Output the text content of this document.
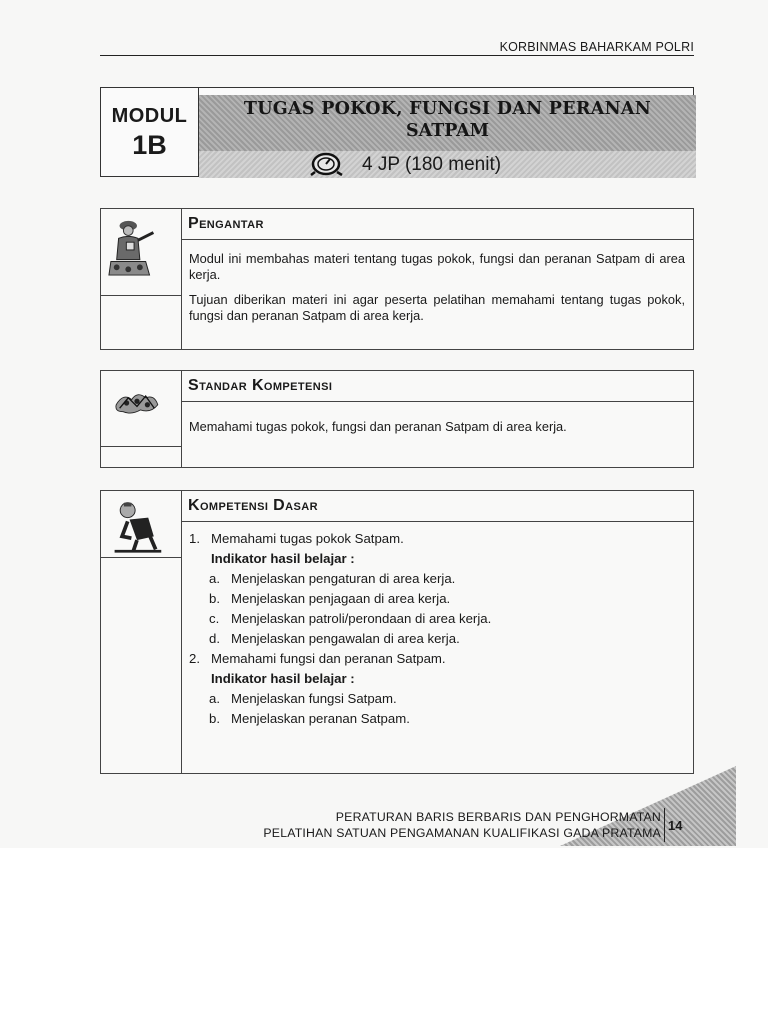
KORBINMAS BAHARKAM POLRI
MODUL
1B
TUGAS POKOK, FUNGSI DAN PERANAN
SATPAM
4 JP (180 menit)
Pengantar

Modul ini membahas materi tentang tugas pokok, fungsi dan peranan Satpam di area kerja.

Tujuan diberikan materi ini agar peserta pelatihan memahami tentang tugas pokok, fungsi dan peranan Satpam di area kerja.

Standar Kompetensi

Memahami tugas pokok, fungsi dan peranan Satpam di area kerja.

Kompetensi Dasar
1. Memahami tugas pokok Satpam.
Indikator hasil belajar :
a. Menjelaskan pengaturan di area kerja.
b. Menjelaskan penjagaan di area kerja.
c. Menjelaskan patroli/perondaan di area kerja.
d. Menjelaskan pengawalan di area kerja.
2. Memahami fungsi dan peranan Satpam.
Indikator hasil belajar :
a. Menjelaskan fungsi Satpam.
b. Menjelaskan peranan Satpam.
PERATURAN BARIS BERBARIS DAN PENGHORMATAN
PELATIHAN SATUAN PENGAMANAN KUALIFIKASI GADA PRATAMA 14
